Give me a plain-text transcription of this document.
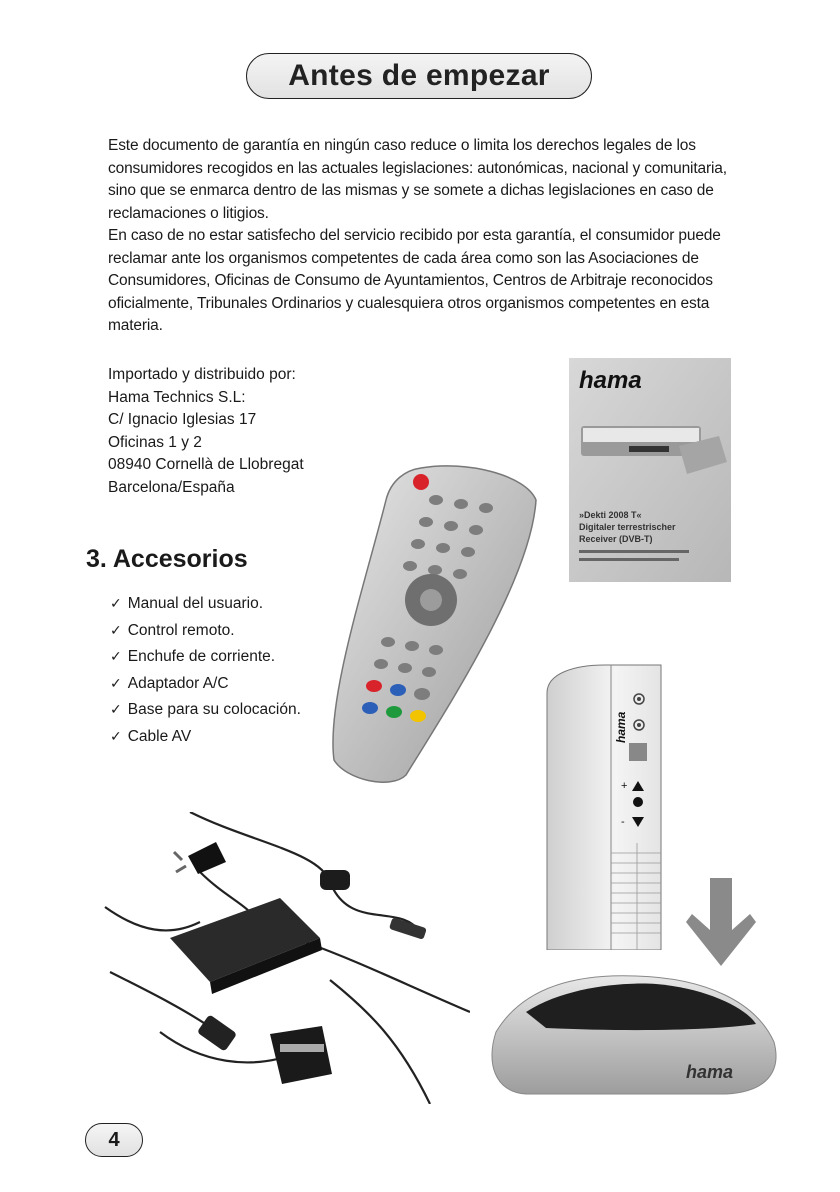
Antes de empezar

Este documento de garantía en ningún caso reduce o limita los derechos legales de los consumidores recogidos en las actuales legislaciones: autonómicas, nacional y comunitaria, sino que se enmarca dentro de las mismas y se somete a dichas legislaciones en caso de reclamaciones o litigios.

En caso de no estar satisfecho del servicio recibido por esta garantía, el consumidor puede reclamar ante los organismos competentes de cada área como son las Asociaciones de Consumidores, Oficinas de Consumo de Ayuntamientos, Centros de Arbitraje reconocidos oficialmente, Tribunales Ordinarios y cualesquiera otros organismos competentes en esta materia.

Importado y distribuido por:
Hama Technics S.L:
C/ Ignacio Iglesias 17
Oficinas 1 y 2
08940 Cornellà de Llobregat
Barcelona/España
3. Accesorios
✓ Manual del usuario.
✓ Control remoto.
✓ Enchufe de corriente.
✓ Adaptador A/C
✓ Base para su colocación.
✓ Cable AV
hama
»Dekti 2008 T«
Digitaler terrestrischer
Receiver (DVB-T)
hama
+
-
hama
4
